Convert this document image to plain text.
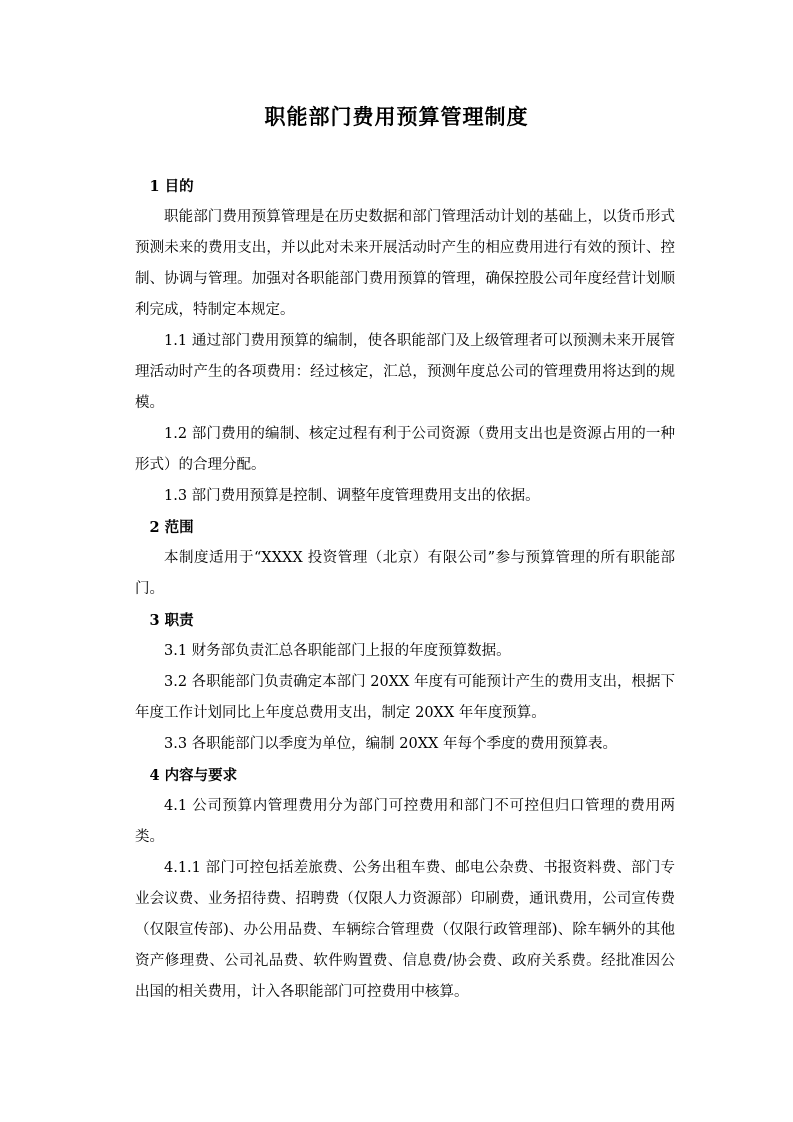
职能部门费用预算管理制度
1 目的

职能部门费用预算管理是在历史数据和部门管理活动计划的基础上，以货币形式预测未来的费用支出，并以此对未来开展活动时产生的相应费用进行有效的预计、控制、协调与管理。加强对各职能部门费用预算的管理，确保控股公司年度经营计划顺利完成，特制定本规定。

1.1 通过部门费用预算的编制，使各职能部门及上级管理者可以预测未来开展管理活动时产生的各项费用：经过核定，汇总，预测年度总公司的管理费用将达到的规模。

1.2 部门费用的编制、核定过程有利于公司资源（费用支出也是资源占用的一种形式）的合理分配。

1.3 部门费用预算是控制、调整年度管理费用支出的依据。

2 范围

本制度适用于“XXXX 投资管理（北京）有限公司”参与预算管理的所有职能部门。

3 职责

3.1 财务部负责汇总各职能部门上报的年度预算数据。

3.2 各职能部门负责确定本部门 20XX 年度有可能预计产生的费用支出，根据下年度工作计划同比上年度总费用支出，制定 20XX 年年度预算。

3.3 各职能部门以季度为单位，编制 20XX 年每个季度的费用预算表。

4 内容与要求

4.1 公司预算内管理费用分为部门可控费用和部门不可控但归口管理的费用两类。

4.1.1 部门可控包括差旅费、公务出租车费、邮电公杂费、书报资料费、部门专业会议费、业务招待费、招聘费（仅限人力资源部）印刷费，通讯费用，公司宣传费（仅限宣传部)、办公用品费、车辆综合管理费（仅限行政管理部)、除车辆外的其他资产修理费、公司礼品费、软件购置费、信息费/协会费、政府关系费。经批准因公出国的相关费用，计入各职能部门可控费用中核算。
